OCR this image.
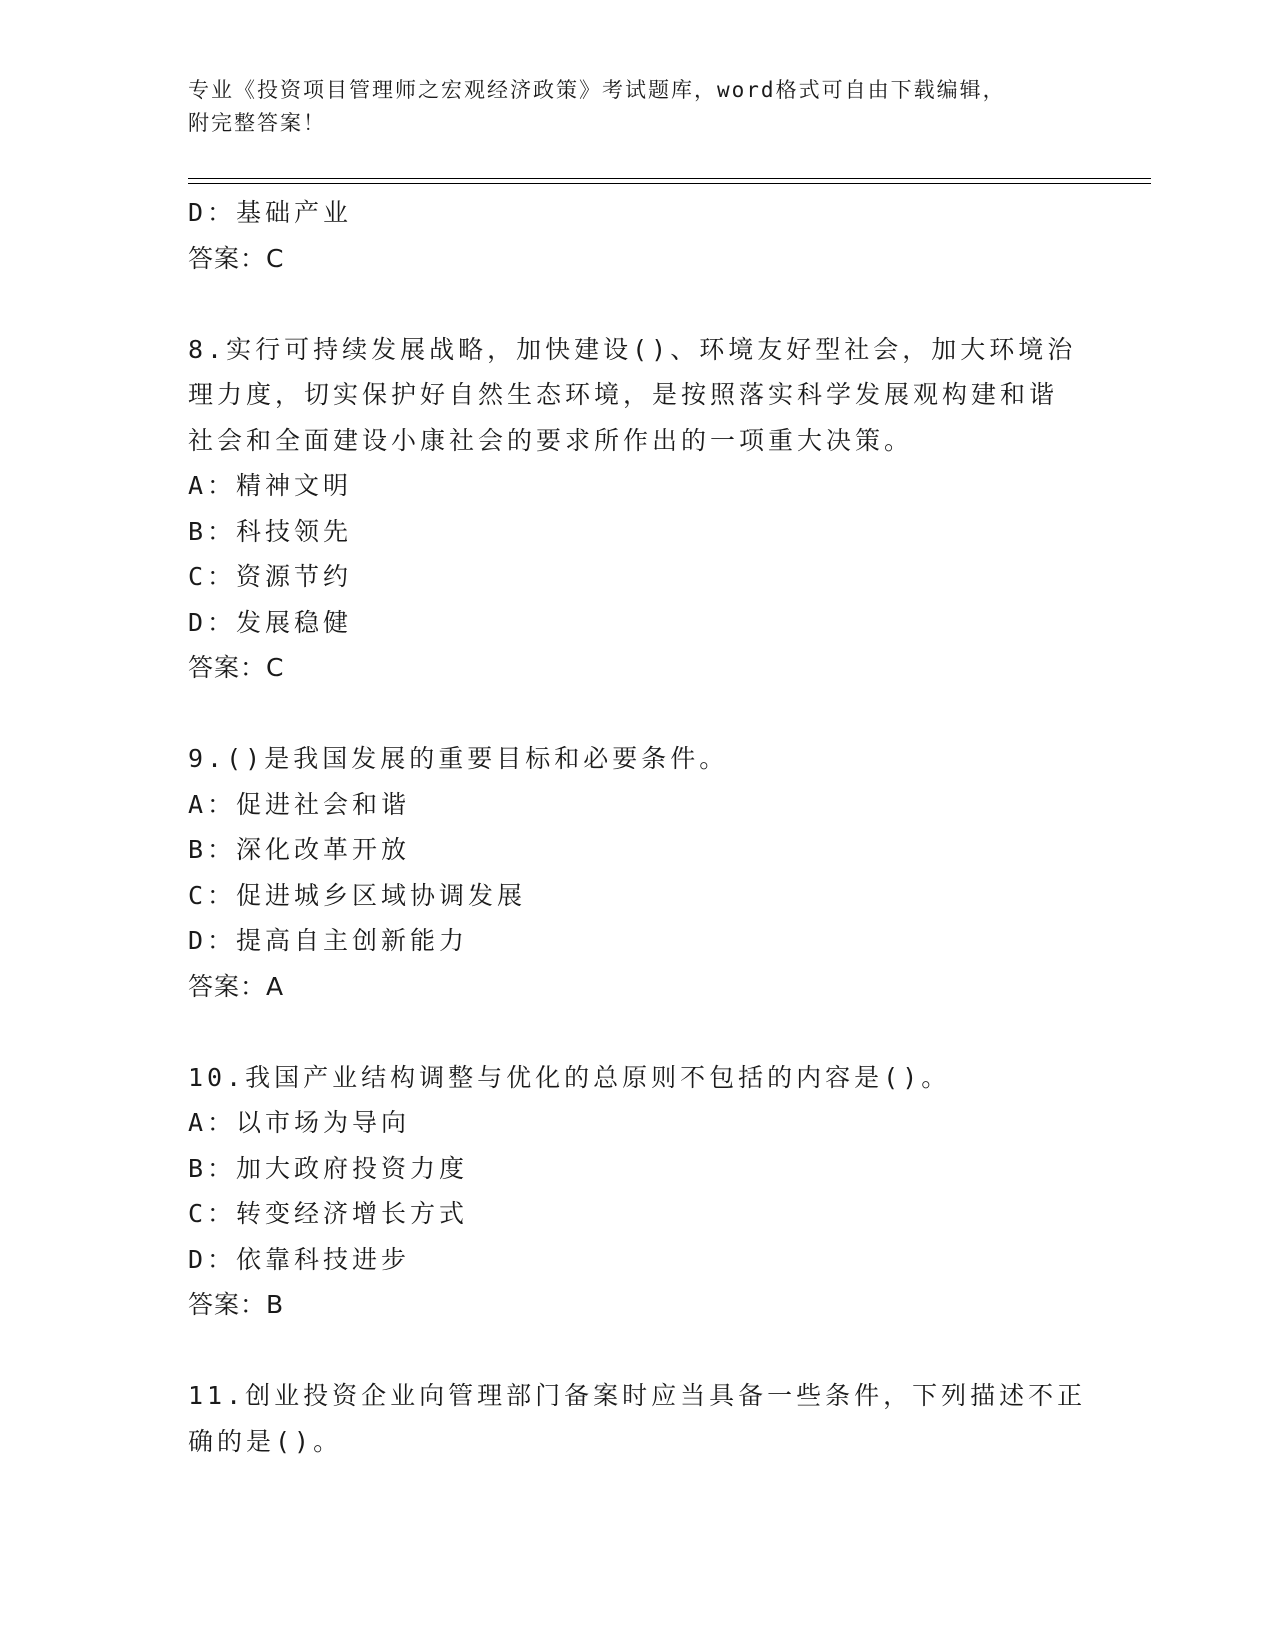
专业《投资项目管理师之宏观经济政策》考试题库，word格式可自由下载编辑，
附完整答案！
D：基础产业
答案：C
8.实行可持续发展战略，加快建设()、环境友好型社会，加大环境治
理力度，切实保护好自然生态环境，是按照落实科学发展观构建和谐
社会和全面建设小康社会的要求所作出的一项重大决策。
A：精神文明
B：科技领先
C：资源节约
D：发展稳健
答案：C
9.()是我国发展的重要目标和必要条件。
A：促进社会和谐
B：深化改革开放
C：促进城乡区域协调发展
D：提高自主创新能力
答案：A
10.我国产业结构调整与优化的总原则不包括的内容是()。
A：以市场为导向
B：加大政府投资力度
C：转变经济增长方式
D：依靠科技进步
答案：B
11.创业投资企业向管理部门备案时应当具备一些条件，下列描述不正
确的是()。
